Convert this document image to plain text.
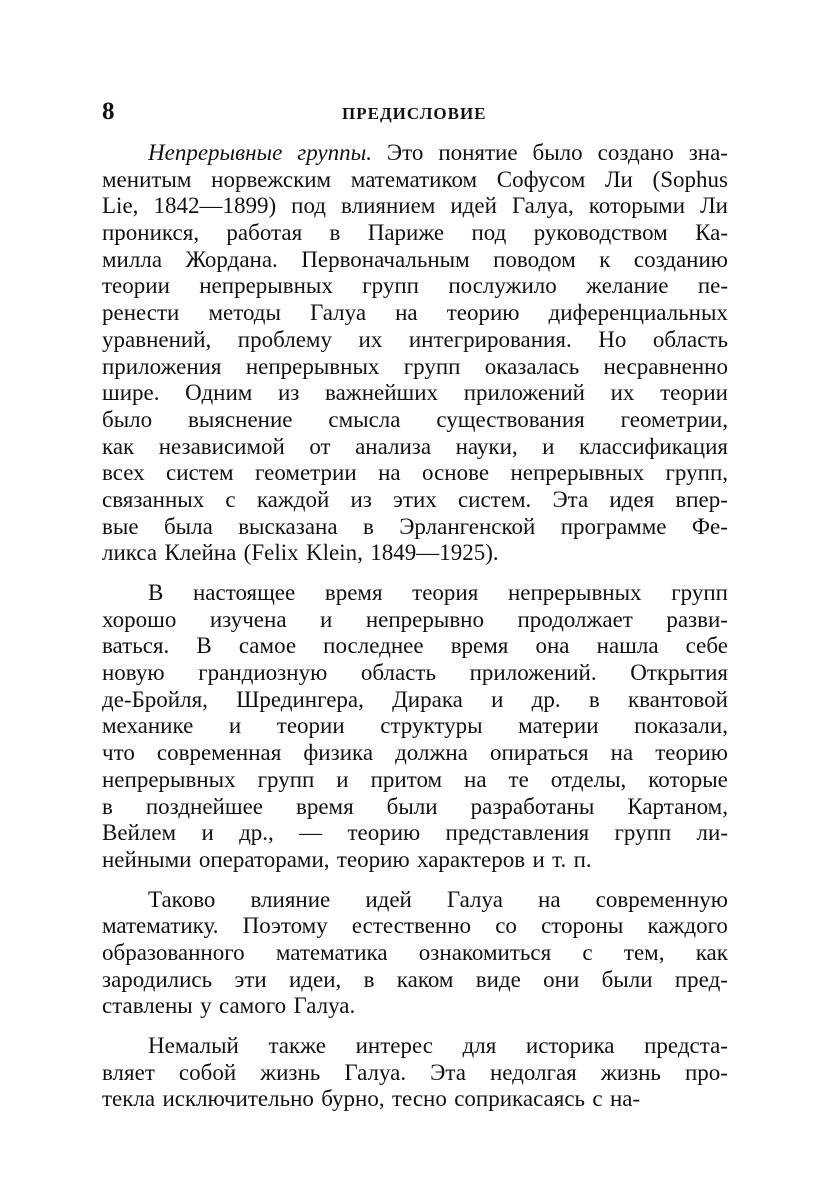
8	ПРЕДИСЛОВИЕ
Непрерывные группы. Это понятие было создано зна-
менитым норвежским математиком Софусом Ли (Sophus
Lie, 1842—1899) под влиянием идей Галуа, которыми Ли
проникся, работая в Париже под руководством Ка-
милла Жордана. Первоначальным поводом к созданию
теории непрерывных групп послужило желание пе-
ренести методы Галуа на теорию диференциальных
уравнений, проблему их интегрирования. Но область
приложения непрерывных групп оказалась несравненно
шире. Одним из важнейших приложений их теории
было выяснение смысла существования геометрии,
как независимой от анализа науки, и классификация
всех систем геометрии на основе непрерывных групп,
связанных с каждой из этих систем. Эта идея впер-
вые была высказана в Эрлангенской программе Фе-
ликса Клейна (Felix Klein, 1849—1925).
В настоящее время теория непрерывных групп
хорошо изучена и непрерывно продолжает разви-
ваться. В самое последнее время она нашла себе
новую грандиозную область приложений. Открытия
де-Бройля, Шредингера, Дирака и др. в квантовой
механике и теории структуры материи показали,
что современная физика должна опираться на теорию
непрерывных групп и притом на те отделы, которые
в позднейшее время были разработаны Картаном,
Вейлем и др., — теорию представления групп ли-
нейными операторами, теорию характеров и т. п.
Таково влияние идей Галуа на современную
математику. Поэтому естественно со стороны каждого
образованного математика ознакомиться с тем, как
зародились эти идеи, в каком виде они были пред-
ставлены у самого Галуа.
Немалый также интерес для историка предста-
вляет собой жизнь Галуа. Эта недолгая жизнь про-
текла исключительно бурно, тесно соприкасаясь с на-
